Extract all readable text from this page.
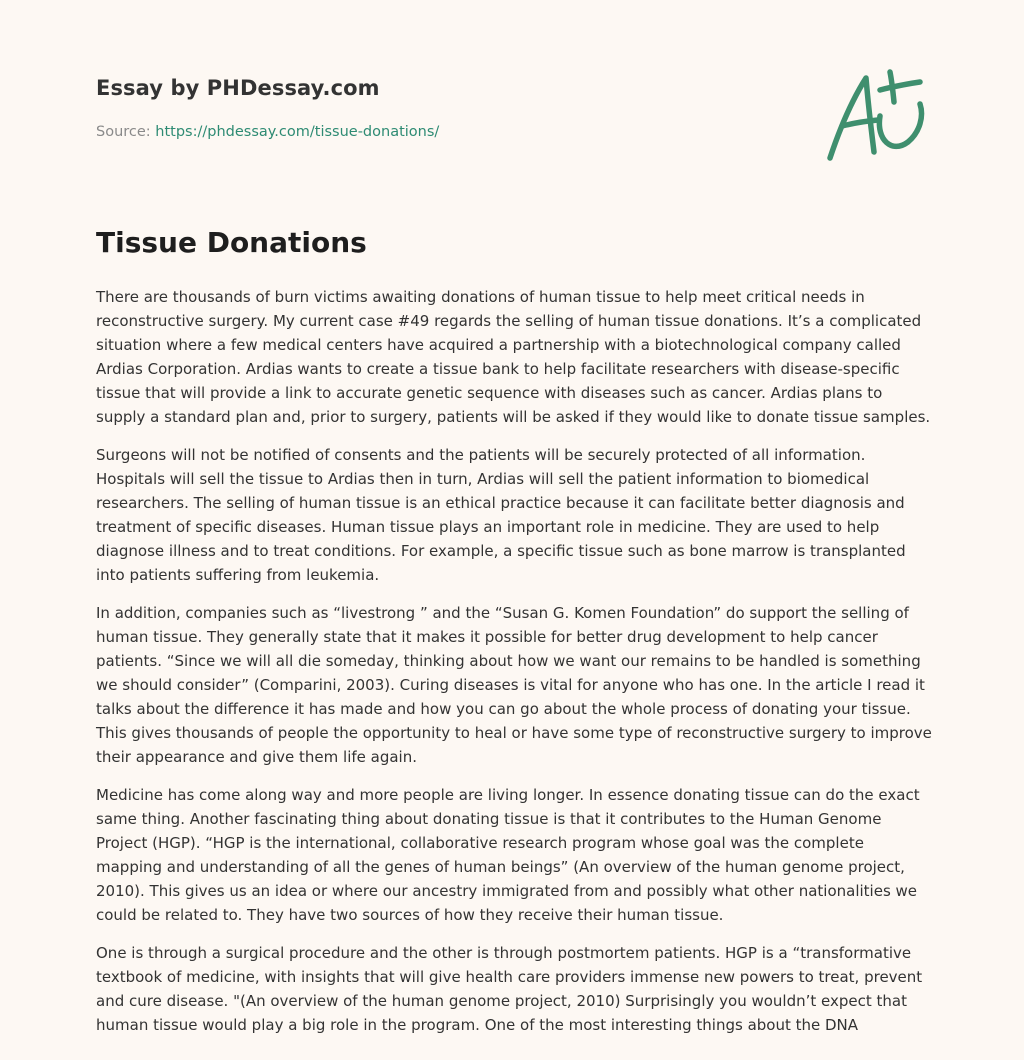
Essay by PHDessay.com
Source: https://phdessay.com/tissue-donations/
Tissue Donations

There are thousands of burn victims awaiting donations of human tissue to help meet critical needs in reconstructive surgery. My current case #49 regards the selling of human tissue donations. It’s a complicated situation where a few medical centers have acquired a partnership with a biotechnological company called Ardias Corporation. Ardias wants to create a tissue bank to help facilitate researchers with disease-specific tissue that will provide a link to accurate genetic sequence with diseases such as cancer. Ardias plans to supply a standard plan and, prior to surgery, patients will be asked if they would like to donate tissue samples.

Surgeons will not be notified of consents and the patients will be securely protected of all information. Hospitals will sell the tissue to Ardias then in turn, Ardias will sell the patient information to biomedical researchers. The selling of human tissue is an ethical practice because it can facilitate better diagnosis and treatment of specific diseases. Human tissue plays an important role in medicine. They are used to help diagnose illness and to treat conditions. For example, a specific tissue such as bone marrow is transplanted into patients suffering from leukemia.

In addition, companies such as “livestrong ” and the “Susan G. Komen Foundation” do support the selling of human tissue. They generally state that it makes it possible for better drug development to help cancer patients. “Since we will all die someday, thinking about how we want our remains to be handled is something we should consider” (Comparini, 2003). Curing diseases is vital for anyone who has one. In the article I read it talks about the difference it has made and how you can go about the whole process of donating your tissue. This gives thousands of people the opportunity to heal or have some type of reconstructive surgery to improve their appearance and give them life again.

Medicine has come along way and more people are living longer. In essence donating tissue can do the exact same thing. Another fascinating thing about donating tissue is that it contributes to the Human Genome Project (HGP). “HGP is the international, collaborative research program whose goal was the complete mapping and understanding of all the genes of human beings” (An overview of the human genome project, 2010). This gives us an idea or where our ancestry immigrated from and possibly what other nationalities we could be related to. They have two sources of how they receive their human tissue.

One is through a surgical procedure and the other is through postmortem patients. HGP is a “transformative textbook of medicine, with insights that will give health care providers immense new powers to treat, prevent and cure disease. "(An overview of the human genome project, 2010) Surprisingly you wouldn’t expect that human tissue would play a big role in the program. One of the most interesting things about the DNA
